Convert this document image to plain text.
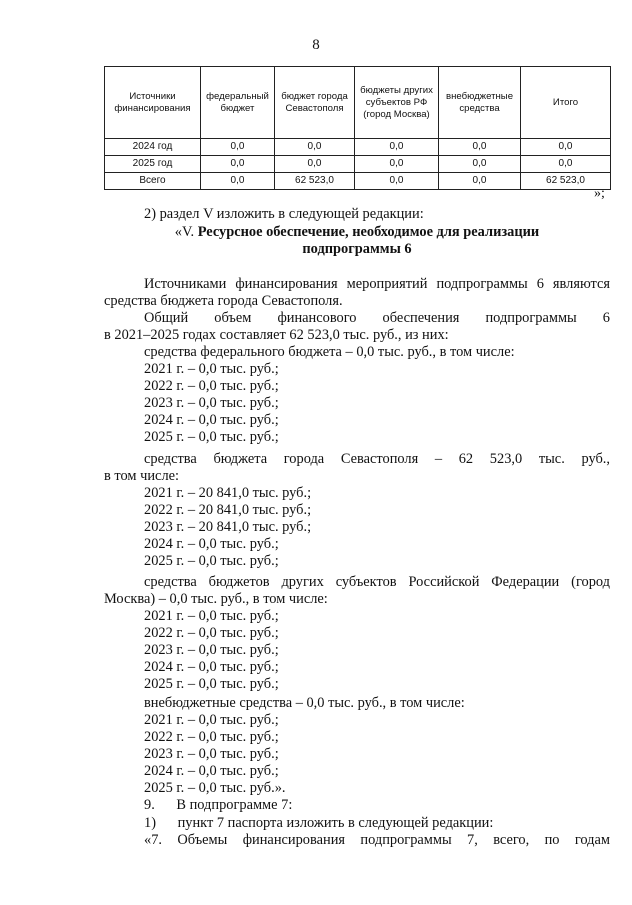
8
Источники финансирования	федеральный бюджет	бюджет города Севастополя	бюджеты других субъектов РФ (город Москва)	внебюджетные средства	Итого
2024 год	0,0	0,0	0,0	0,0	0,0
2025 год	0,0	0,0	0,0	0,0	0,0
Всего	0,0	62 523,0	0,0	0,0	62 523,0
»;
2) раздел V изложить в следующей редакции:
«V. Ресурсное обеспечение, необходимое для реализации
подпрограммы 6
Источниками финансирования мероприятий подпрограммы 6 являются
средства бюджета города Севастополя.
Общий объем финансового обеспечения подпрограммы 6
в 2021–2025 годах составляет 62 523,0 тыс. руб., из них:
средства федерального бюджета – 0,0 тыс. руб., в том числе:
2021 г. – 0,0 тыс. руб.;
2022 г. – 0,0 тыс. руб.;
2023 г. – 0,0 тыс. руб.;
2024 г. – 0,0 тыс. руб.;
2025 г. – 0,0 тыс. руб.;
средства бюджета города Севастополя – 62 523,0 тыс. руб.,
в том числе:
2021 г. – 20 841,0 тыс. руб.;
2022 г. – 20 841,0 тыс. руб.;
2023 г. – 20 841,0 тыс. руб.;
2024 г. – 0,0 тыс. руб.;
2025 г. – 0,0 тыс. руб.;
средства бюджетов других субъектов Российской Федерации (город
Москва) – 0,0 тыс. руб., в том числе:
2021 г. – 0,0 тыс. руб.;
2022 г. – 0,0 тыс. руб.;
2023 г. – 0,0 тыс. руб.;
2024 г. – 0,0 тыс. руб.;
2025 г. – 0,0 тыс. руб.;
внебюджетные средства – 0,0 тыс. руб., в том числе:
2021 г. – 0,0 тыс. руб.;
2022 г. – 0,0 тыс. руб.;
2023 г. – 0,0 тыс. руб.;
2024 г. – 0,0 тыс. руб.;
2025 г. – 0,0 тыс. руб.».
9.      В подпрограмме 7:
1)      пункт 7 паспорта изложить в следующей редакции:
«7. Объемы финансирования подпрограммы 7, всего, по годам
